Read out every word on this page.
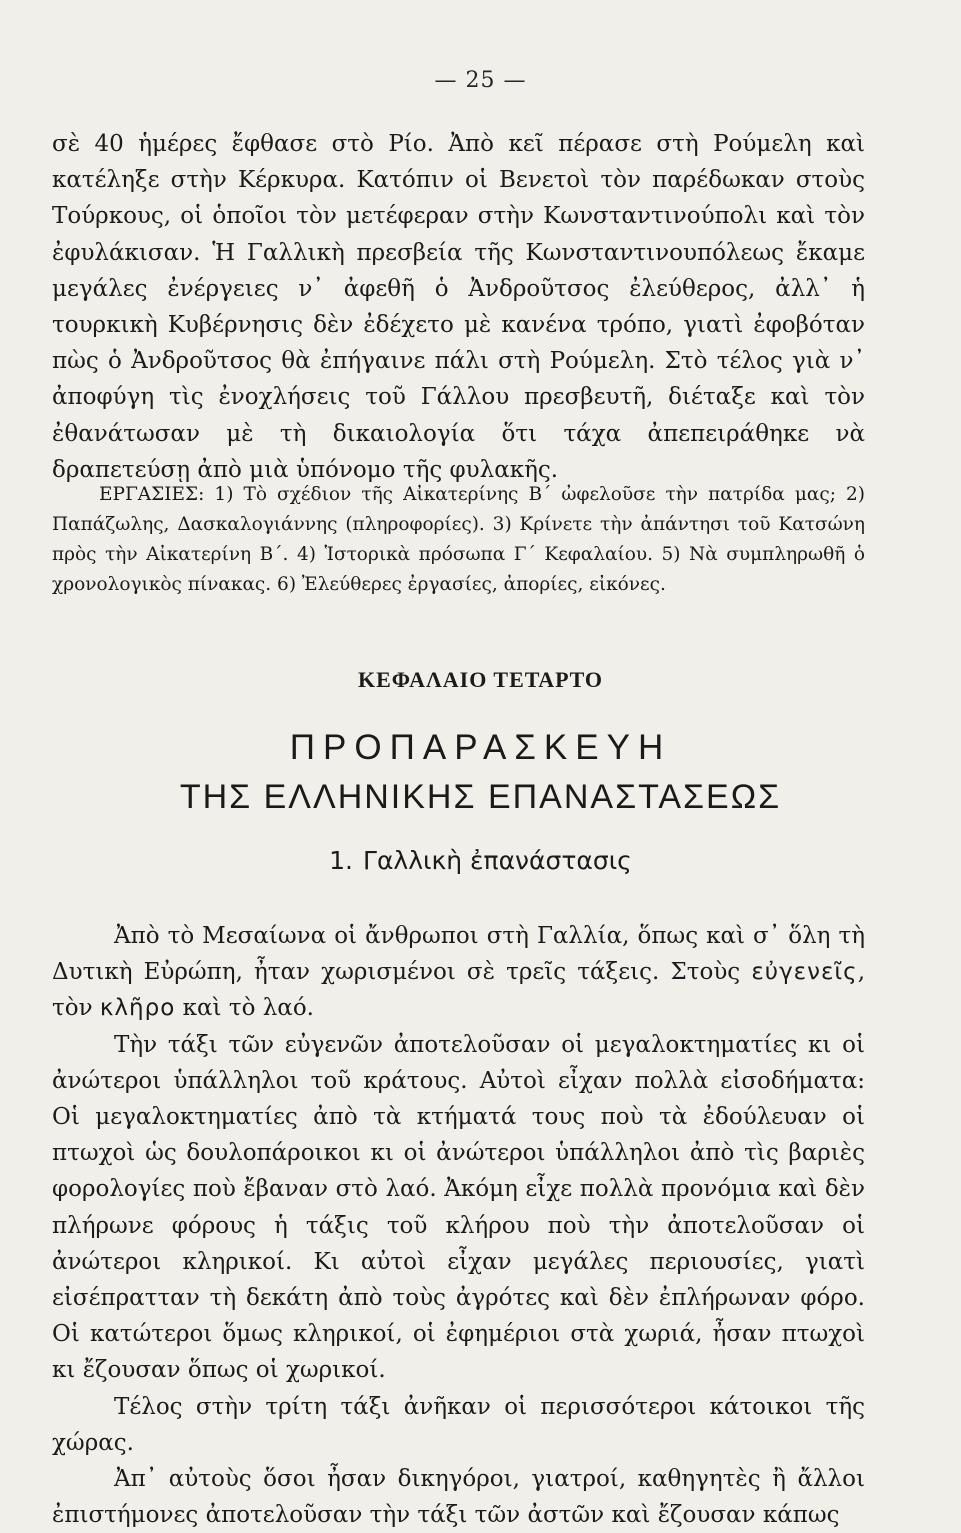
— 25 —

σὲ 40 ἡμέρες ἔφθασε στὸ Ρίο. Ἀπὸ κεῖ πέρασε στὴ Ρούμελη καὶ κατέληξε στὴν Κέρκυρα. Κατόπιν οἱ Βενετοὶ τὸν παρέδωκαν στοὺς Τούρκους, οἱ ὁποῖοι τὸν μετέφεραν στὴν Κωνσταντινούπολι καὶ τὸν ἐφυλάκισαν. Ἡ Γαλλικὴ πρεσβεία τῆς Κωνσταντινουπόλεως ἔκαμε μεγάλες ἐνέργειες ν᾿ ἀφεθῆ ὁ Ἀνδροῦτσος ἐλεύθερος, ἀλλ᾿ ἡ τουρκικὴ Κυβέρνησις δὲν ἐδέχετο μὲ κανένα τρόπο, γιατὶ ἐφοβόταν πὼς ὁ Ἀνδροῦτσος θὰ ἐπήγαινε πάλι στὴ Ρούμελη. Στὸ τέλος γιὰ ν᾿ ἀποφύγη τὶς ἐνοχλήσεις τοῦ Γάλλου πρεσβευτῆ, διέταξε καὶ τὸν ἐθανάτωσαν μὲ τὴ δικαιολογία ὅτι τάχα ἀπεπειράθηκε νὰ δραπετεύσῃ ἀπὸ μιὰ ὑπόνομο τῆς φυλακῆς.

ΕΡΓΑΣΙΕΣ: 1) Τὸ σχέδιον τῆς Αἰκατερίνης Β΄ ὠφελοῦσε τὴν πατρίδα μας; 2) Παπάζωλης, Δασκαλογιάννης (πληροφορίες). 3) Κρίνετε τὴν ἀπάντησι τοῦ Κατσώνη πρὸς τὴν Αἰκατερίνη Β΄. 4) Ἱστορικὰ πρόσωπα Γ΄ Κεφαλαίου. 5) Νὰ συμπληρωθῆ ὁ χρονολογικὸς πίνακας. 6) Ἐλεύθερες ἐργασίες, ἀπορίες, εἰκόνες.

ΚΕΦΑΛΑΙΟ ΤΕΤΑΡΤΟ
ΠΡΟΠΑΡΑΣΚΕΥΗ
ΤΗΣ ΕΛΛΗΝΙΚΗΣ ΕΠΑΝΑΣΤΑΣΕΩΣ
1. Γαλλικὴ ἐπανάστασις

Ἀπὸ τὸ Μεσαίωνα οἱ ἄνθρωποι στὴ Γαλλία, ὅπως καὶ σ᾿ ὅλη τὴ Δυτικὴ Εὐρώπη, ἦταν χωρισμένοι σὲ τρεῖς τάξεις. Στοὺς εὐγενεῖς, τὸν κλῆρο καὶ τὸ λαό.

Τὴν τάξι τῶν εὐγενῶν ἀποτελοῦσαν οἱ μεγαλοκτηματίες κι οἱ ἀνώτεροι ὑπάλληλοι τοῦ κράτους. Αὐτοὶ εἶχαν πολλὰ εἰσοδήματα: Οἱ μεγαλοκτηματίες ἀπὸ τὰ κτήματά τους ποὺ τὰ ἐδούλευαν οἱ πτωχοὶ ὡς δουλοπάροικοι κι οἱ ἀνώτεροι ὑπάλληλοι ἀπὸ τὶς βαριὲς φορολογίες ποὺ ἔβαναν στὸ λαό. Ἀκόμη εἶχε πολλὰ προνόμια καὶ δὲν πλήρωνε φόρους ἡ τάξις τοῦ κλήρου ποὺ τὴν ἀποτελοῦσαν οἱ ἀνώτεροι κληρικοί. Κι αὐτοὶ εἶχαν μεγάλες περιουσίες, γιατὶ εἰσέπρατταν τὴ δεκάτη ἀπὸ τοὺς ἀγρότες καὶ δὲν ἐπλήρωναν φόρο. Οἱ κατώτεροι ὅμως κληρικοί, οἱ ἐφημέριοι στὰ χωριά, ἦσαν πτωχοὶ κι ἔζουσαν ὅπως οἱ χωρικοί.

Τέλος στὴν τρίτη τάξι ἀνῆκαν οἱ περισσότεροι κάτοικοι τῆς χώρας.

Ἀπ᾿ αὐτοὺς ὅσοι ἦσαν δικηγόροι, γιατροί, καθηγητὲς ἢ ἄλλοι ἐπιστήμονες ἀποτελοῦσαν τὴν τάξι τῶν ἀστῶν καὶ ἔζουσαν κάπως
